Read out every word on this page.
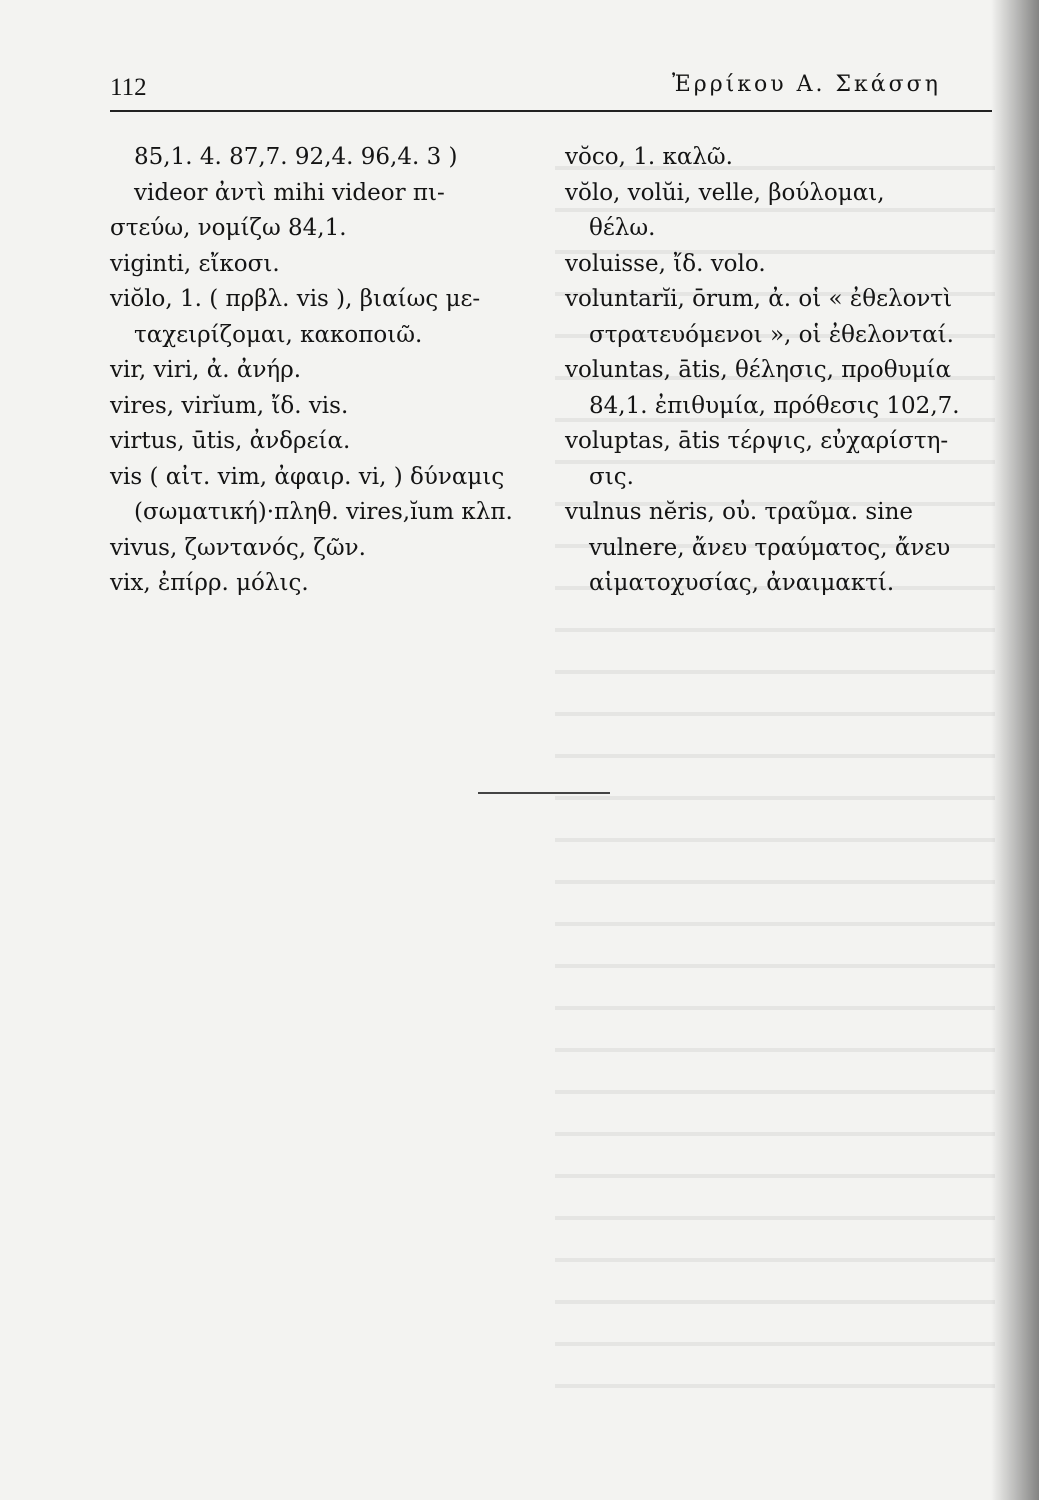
112	Ἐρρίκου Α. Σκάσση
85,1. 4. 87,7. 92,4. 96,4. 3 )
videor ἀντὶ mihi videor πι-
στεύω, νομίζω 84,1.
viginti, εἴκοσι.
viŏlo, 1. ( πρβλ. vis ), βιαίως με-
ταχειρίζομαι, κακοποιῶ.
vir, viri, ἀ. ἀνήρ.
vires, virĭum, ἴδ. vis.
virtus, ūtis, ἀνδρεία.
vis ( αἰτ. vim, ἀφαιρ. vi, ) δύναμις
(σωματική)·πληθ. vires,ĭum κλπ.
vivus, ζωντανός, ζῶν.
vix, ἐπίρρ. μόλις.
vŏco, 1. καλῶ.
vŏlo, volŭi, velle, βούλομαι,
θέλω.
voluisse, ἴδ. volo.
voluntarĭi, ōrum, ἀ. οἱ « ἐθελοντὶ
στρατευόμενοι », οἱ ἐθελονταί.
voluntas, ātis, θέλησις, προθυμία
84,1. ἐπιθυμία, πρόθεσις 102,7.
voluptas, ātis τέρψις, εὐχαρίστη-
σις.
vulnus nĕris, οὐ. τραῦμα. sine
vulnere, ἄνευ τραύματος, ἄνευ
αἱματοχυσίας, ἀναιμακτί.
